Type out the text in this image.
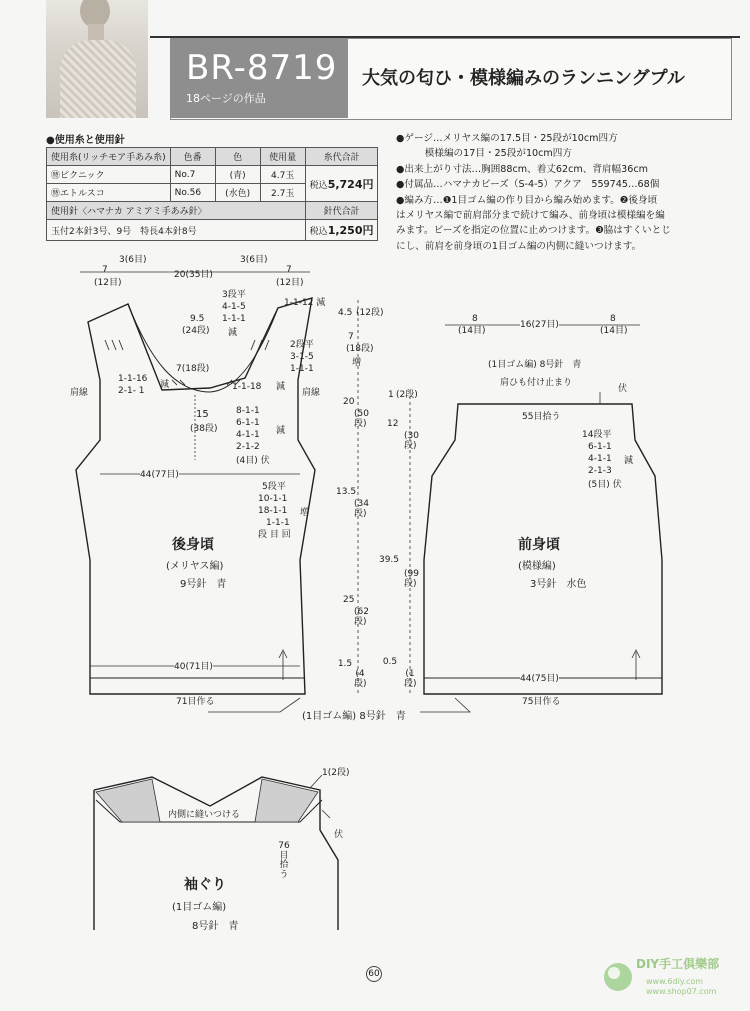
BR-8719
18ページの作品
大気の匂ひ・模様編みのランニングプル
●使用糸と使用針
使用糸(リッチモア手あみ糸)	色番	色	使用量	糸代合計
㊕ピクニック	No.7	(青)	4.7玉	税込5,724円
㊕エトルスコ	No.56	(水色)	2.7玉	
使用針〈ハマナカ アミアミ手あみ針〉				針代合計
玉付2本針3号、9号　特長4本針8号				税込1,250円
●ゲージ…メリヤス編の17.5目・25段が10cm四方
　　　模様編の17目・25段が10cm四方
●出来上がり寸法…胸囲88cm、着丈62cm、背肩幅36cm
●付属品…ハマナカビーズ（S-4-5）アクア　559745…68個
●編み方…❶1目ゴム編の作り目から編み始めます。❷後身頃
はメリヤス編で前肩部分まで続けて編み、前身頃は模様編を編
みます。ビーズを指定の位置に止めつけます。❸脇はすくいとじ
にし、前肩を前身頃の1目ゴム編の内側に縫いつけます。
7
(12目)
3(6目)
20(35目)
3(6目)
7
(12目)
9.5
(24段)
7(18段)
肩線	肩線
1-1-16
2-1- 1
減	1-1-18 減
3段平
4-1-5
1-1-1
減
1-1-12 減
2段平
3-1-5
1-1-1
15
(38段)
8-1-1
6-1-1
4-1-1
2-1-2
(4目) 伏
減
44(77目)
5段平
10-1-1
18-1-1
1-1-1
段 目 回
増
後身頃
(メリヤス編)
9号針　青
40(71目)
71目作る
4.5 (12段)
7
(18段)
増
20
(50段)
13.5
(34段)
25
(62段)
1.5
(4段)
1 (2段)
12
(30段)
39.5
(99段)
0.5
(1段)
8
(14目)
16(27目)
8
(14目)
(1目ゴム編) 8号針　青
肩ひも付け止まり
伏
55目拾う
14段平
6-1-1
4-1-1
2-1-3
(5目) 伏
減
前身頃
(模様編)
3号針　水色
44(75目)
75目作る
(1目ゴム編) 8号針　青
内側に縫いつける
1(2段)
伏
76
目
拾
う
袖ぐり
(1目ゴム編)
8号針　青
60
DIY手工俱樂部
www.6diy.com
www.shop07.com
